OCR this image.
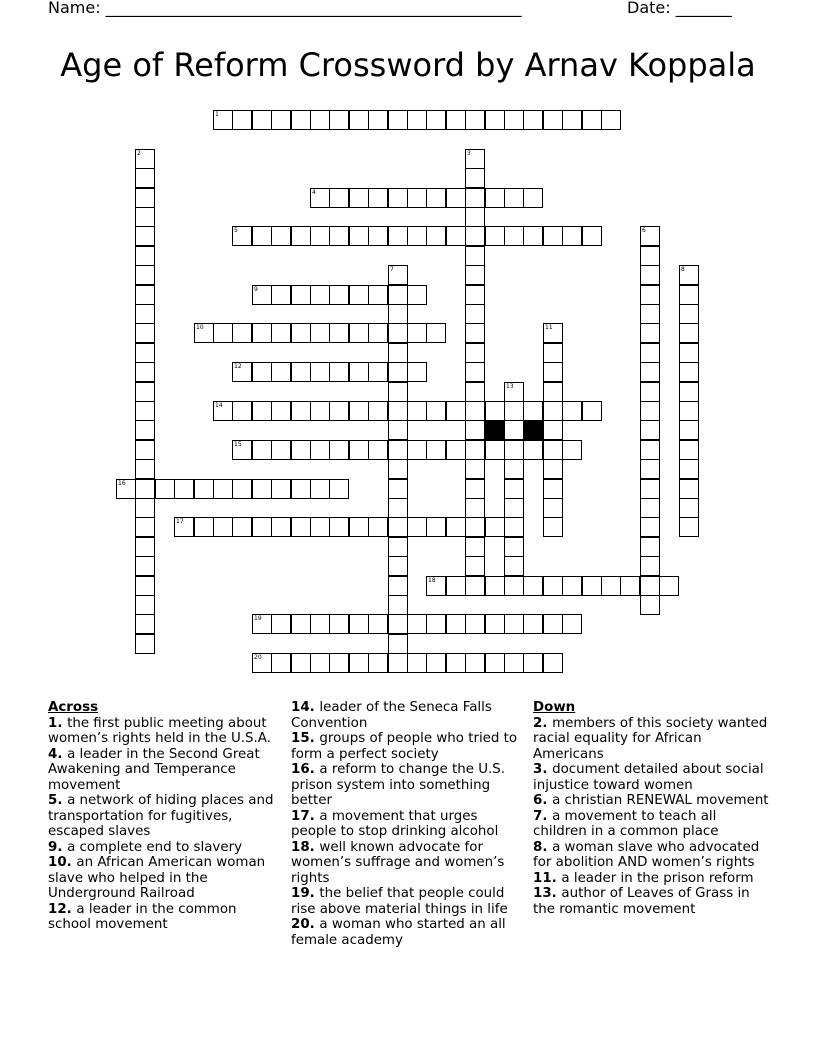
Name: ____________________________________________________	Date: _______
Age of Reform Crossword by Arnav Koppala
1
2	3
4
5	6
7	8
9
10	11
12
13
14
15
16
17
18
19
20
Across
1. the first public meeting about women’s rights held in the U.S.A.
4. a leader in the Second Great Awakening and Temperance movement
5. a network of hiding places and transportation for fugitives, escaped slaves
9. a complete end to slavery
10. an African American woman slave who helped in the Underground Railroad
12. a leader in the common school movement
14. leader of the Seneca Falls Convention
15. groups of people who tried to form a perfect society
16. a reform to change the U.S. prison system into something better
17. a movement that urges people to stop drinking alcohol
18. well known advocate for women’s suffrage and women’s rights
19. the belief that people could rise above material things in life
20. a woman who started an all female academy
Down
2. members of this society wanted racial equality for African Americans
3. document detailed about social injustice toward women
6. a christian RENEWAL movement
7. a movement to teach all children in a common place
8. a woman slave who advocated for abolition AND women’s rights
11. a leader in the prison reform
13. author of Leaves of Grass in the romantic movement
